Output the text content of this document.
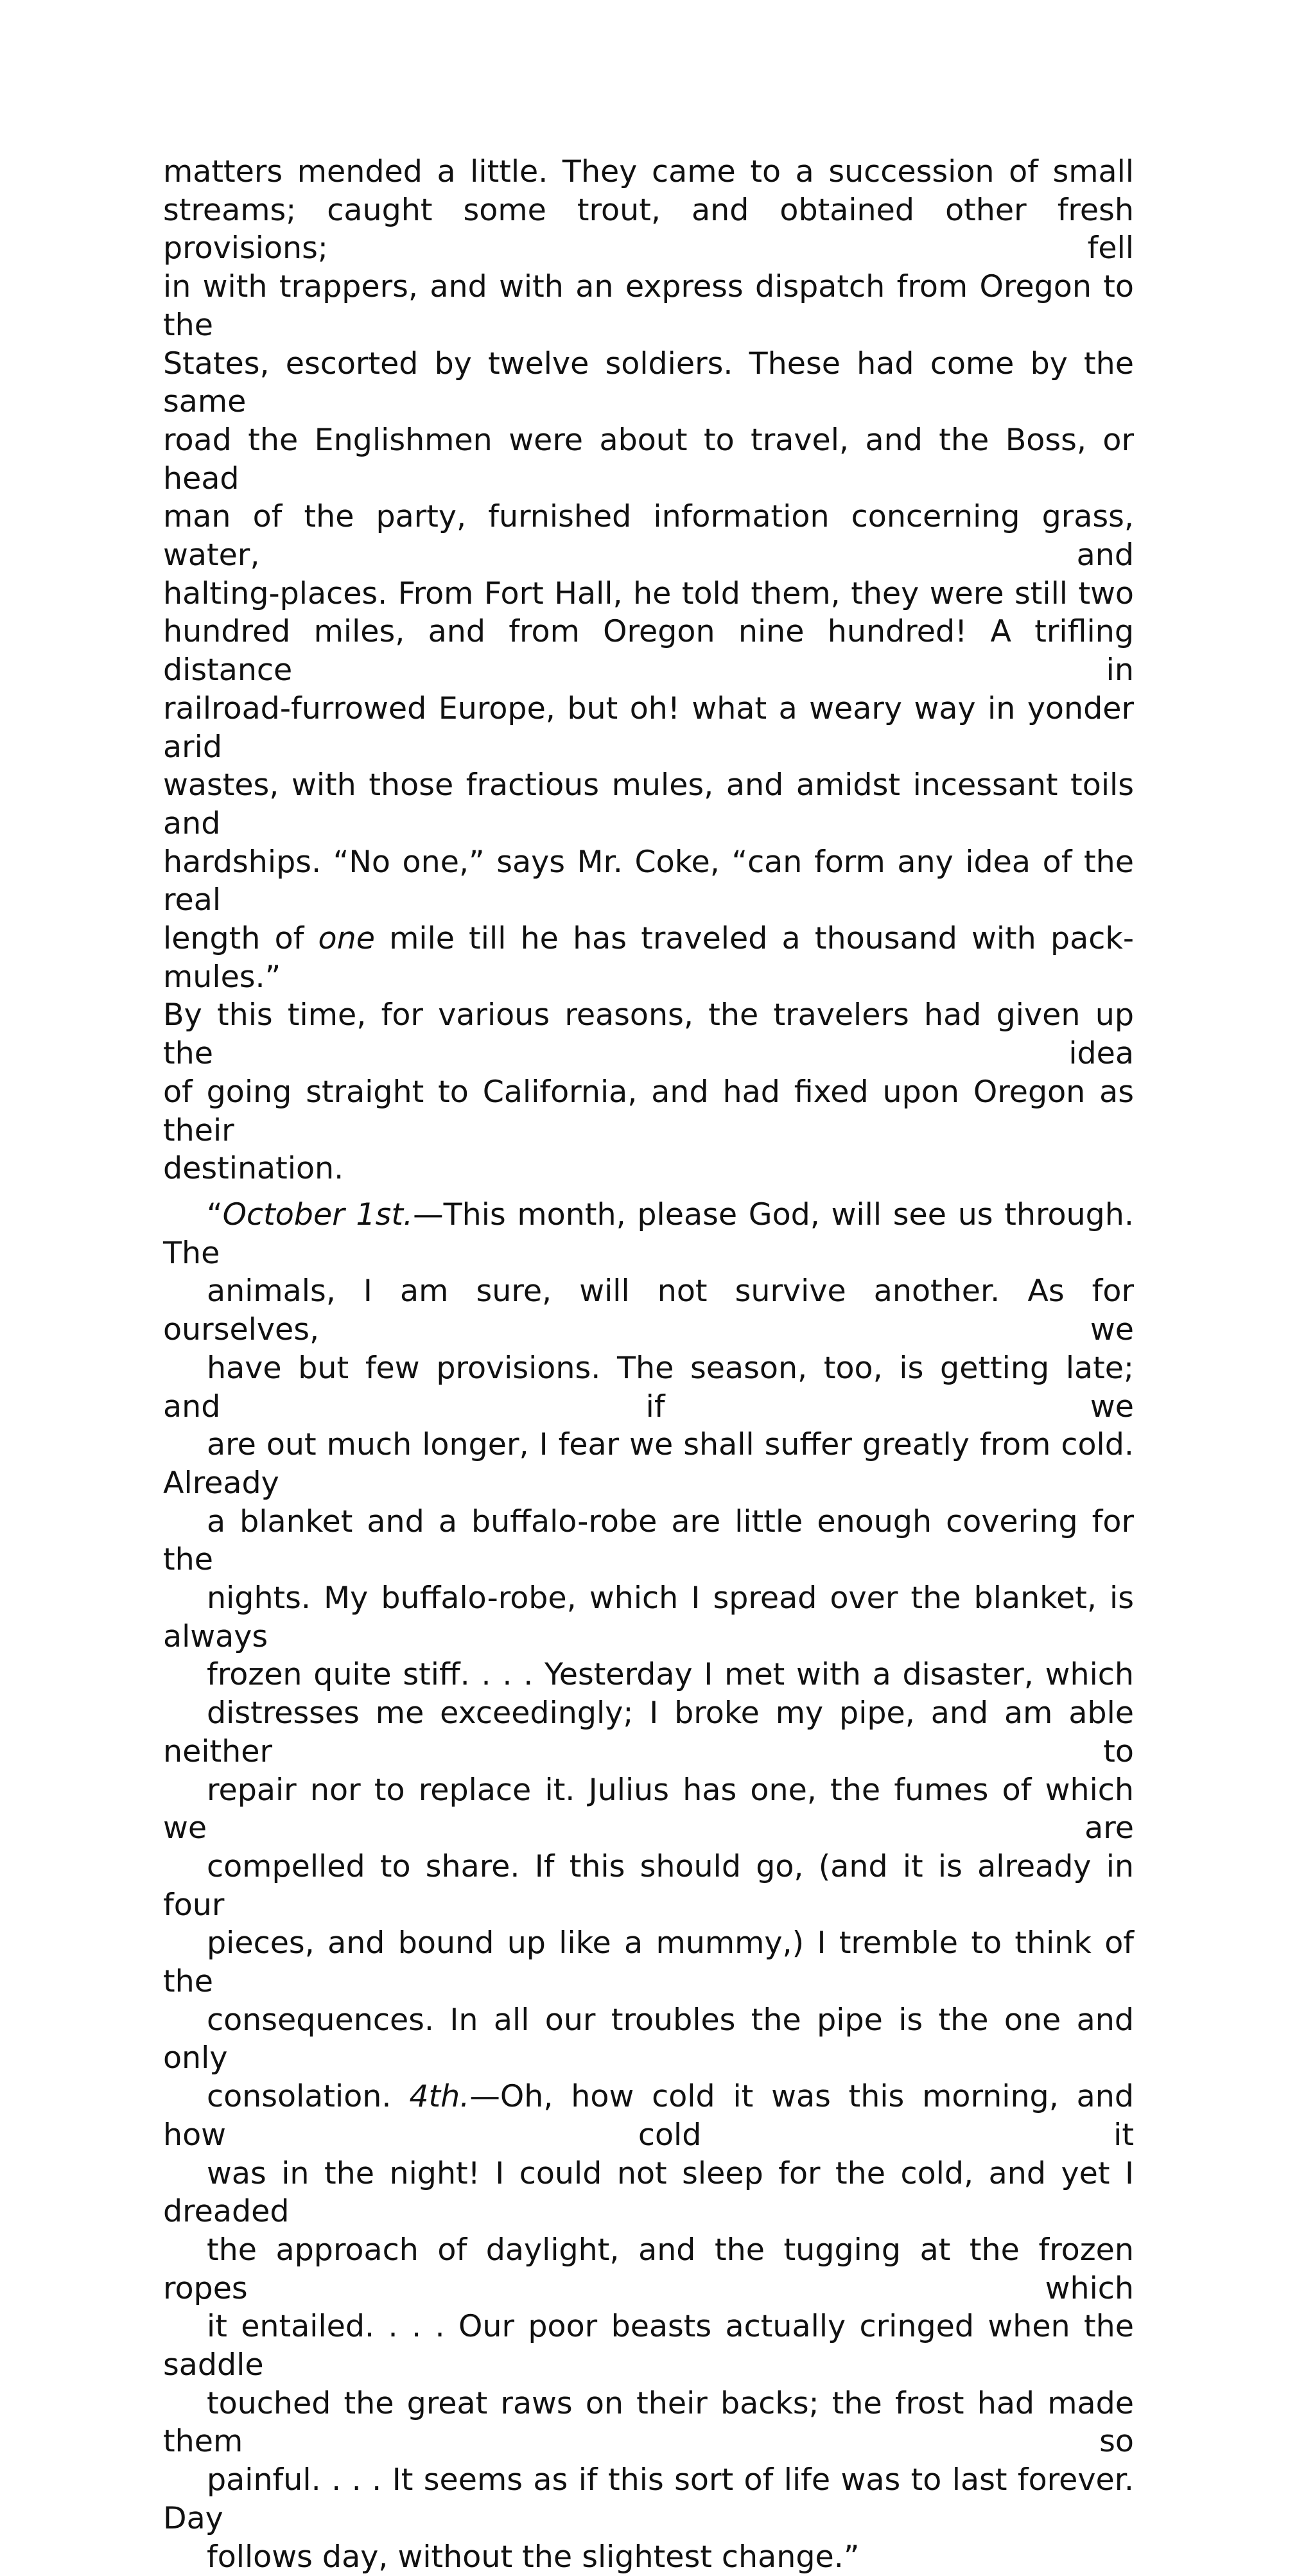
matters mended a little. They came to a succession of small
streams; caught some trout, and obtained other fresh provisions; fell
in with trappers, and with an express dispatch from Oregon to the
States, escorted by twelve soldiers. These had come by the same
road the Englishmen were about to travel, and the Boss, or head
man of the party, furnished information concerning grass, water, and
halting-places. From Fort Hall, he told them, they were still two
hundred miles, and from Oregon nine hundred! A trifling distance in
railroad-furrowed Europe, but oh! what a weary way in yonder arid
wastes, with those fractious mules, and amidst incessant toils and
hardships. “No one,” says Mr. Coke, “can form any idea of the real
length of one mile till he has traveled a thousand with pack-mules.”
By this time, for various reasons, the travelers had given up the idea
of going straight to California, and had fixed upon Oregon as their
destination.

“October 1st.—This month, please God, will see us through. The
animals, I am sure, will not survive another. As for ourselves, we
have but few provisions. The season, too, is getting late; and if we
are out much longer, I fear we shall suffer greatly from cold. Already
a blanket and a buffalo-robe are little enough covering for the
nights. My buffalo-robe, which I spread over the blanket, is always
frozen quite stiff. . . . Yesterday I met with a disaster, which
distresses me exceedingly; I broke my pipe, and am able neither to
repair nor to replace it. Julius has one, the fumes of which we are
compelled to share. If this should go, (and it is already in four
pieces, and bound up like a mummy,) I tremble to think of the
consequences. In all our troubles the pipe is the one and only
consolation. 4th.—Oh, how cold it was this morning, and how cold it
was in the night! I could not sleep for the cold, and yet I dreaded
the approach of daylight, and the tugging at the frozen ropes which
it entailed. . . . Our poor beasts actually cringed when the saddle
touched the great raws on their backs; the frost had made them so
painful. . . . It seems as if this sort of life was to last forever. Day
follows day, without the slightest change.”
